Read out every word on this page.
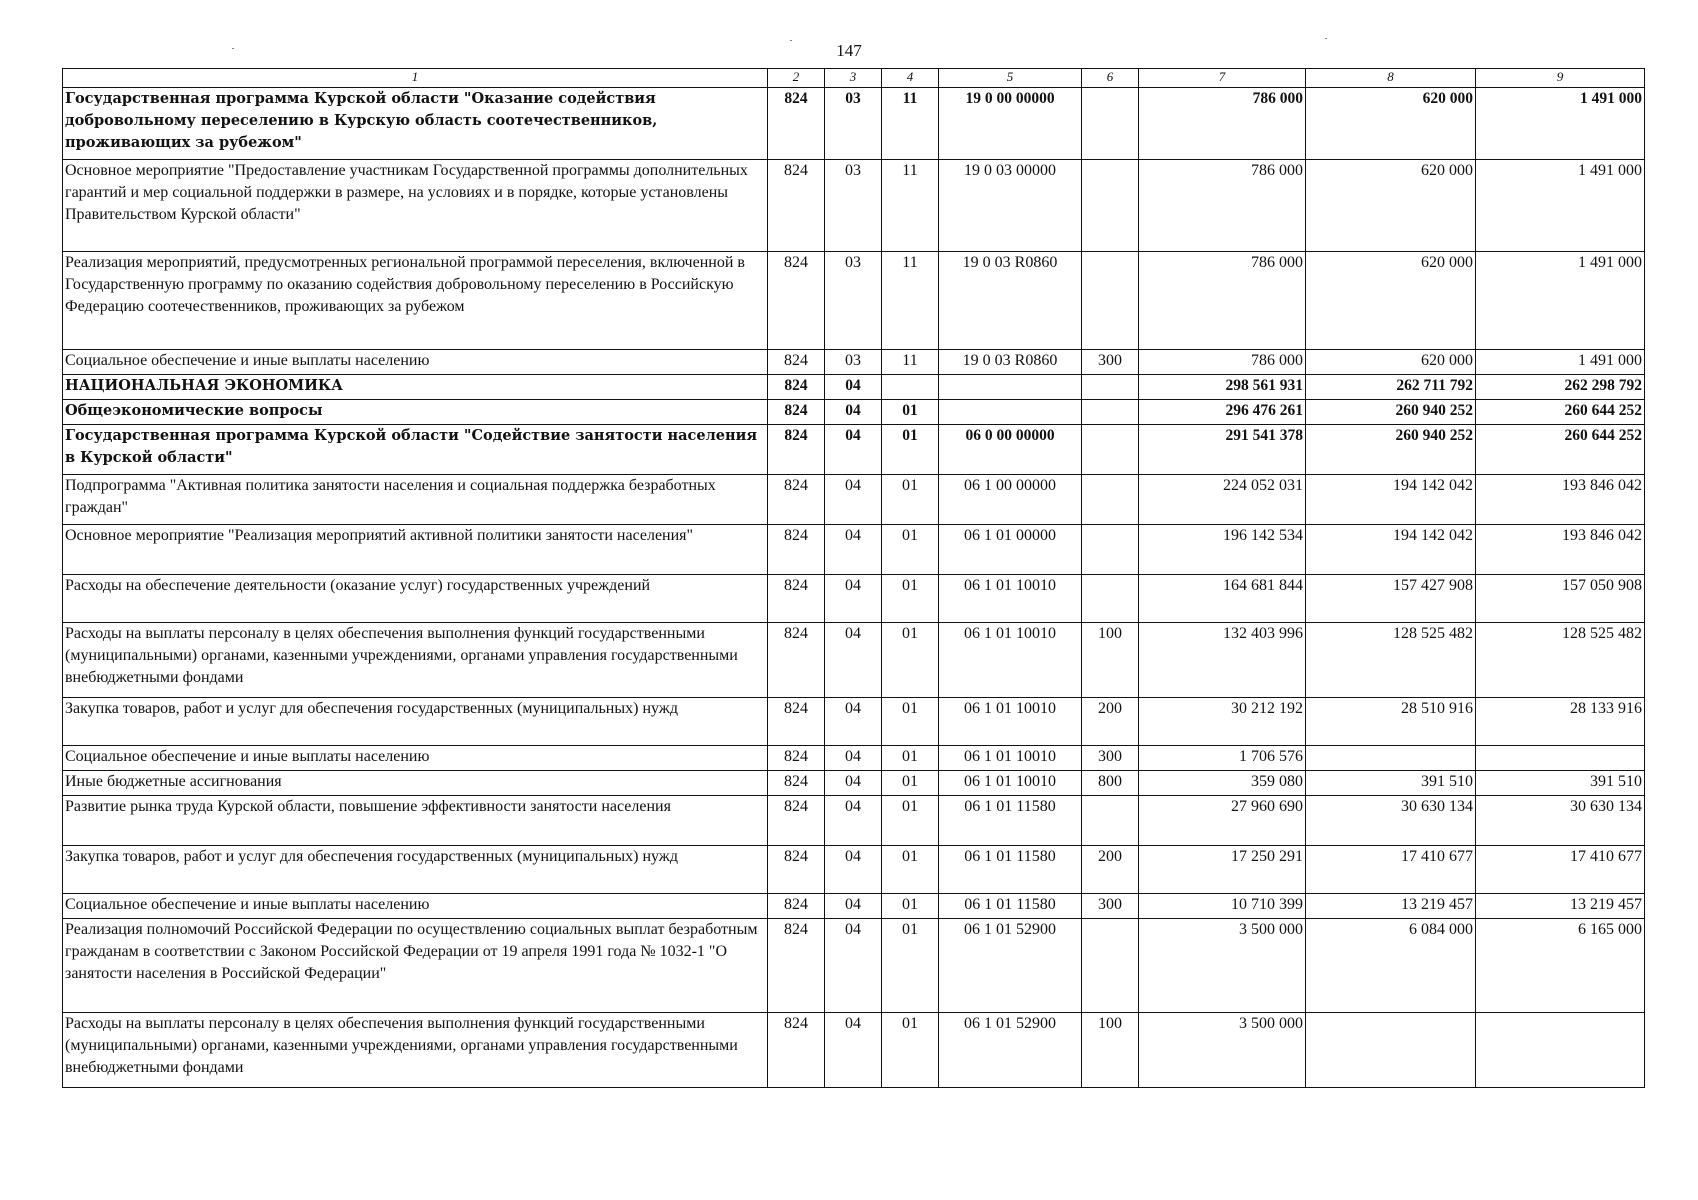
147
1	2	3	4	5	6	7	8	9
Государственная программа Курской области "Оказание содействия добровольному переселению в Курскую область соотечественников, проживающих за рубежом"	824	03	11	19 0 00 00000		786 000	620 000	1 491 000
Основное мероприятие "Предоставление участникам Государственной программы дополнительных гарантий и мер социальной поддержки в размере, на условиях и в порядке, которые установлены Правительством Курской области"	824	03	11	19 0 03 00000		786 000	620 000	1 491 000
Реализация мероприятий, предусмотренных региональной программой переселения, включенной в Государственную программу по оказанию содействия добровольному переселению в Российскую Федерацию соотечественников, проживающих за рубежом	824	03	11	19 0 03 R0860		786 000	620 000	1 491 000
Социальное обеспечение и иные выплаты населению	824	03	11	19 0 03 R0860	300	786 000	620 000	1 491 000
НАЦИОНАЛЬНАЯ ЭКОНОМИКА	824	04				298 561 931	262 711 792	262 298 792
Общеэкономические вопросы	824	04	01			296 476 261	260 940 252	260 644 252
Государственная программа Курской области "Содействие занятости населения в Курской области"	824	04	01	06 0 00 00000		291 541 378	260 940 252	260 644 252
Подпрограмма "Активная политика занятости населения и социальная поддержка безработных граждан"	824	04	01	06 1 00 00000		224 052 031	194 142 042	193 846 042
Основное мероприятие "Реализация мероприятий активной политики занятости населения"	824	04	01	06 1 01 00000		196 142 534	194 142 042	193 846 042
Расходы на обеспечение деятельности (оказание услуг) государственных учреждений	824	04	01	06 1 01 10010		164 681 844	157 427 908	157 050 908
Расходы на выплаты персоналу в целях обеспечения выполнения функций государственными (муниципальными) органами, казенными учреждениями, органами управления государственными внебюджетными фондами	824	04	01	06 1 01 10010	100	132 403 996	128 525 482	128 525 482
Закупка товаров, работ и услуг для обеспечения государственных (муниципальных) нужд	824	04	01	06 1 01 10010	200	30 212 192	28 510 916	28 133 916
Социальное обеспечение и иные выплаты населению	824	04	01	06 1 01 10010	300	1 706 576		
Иные бюджетные ассигнования	824	04	01	06 1 01 10010	800	359 080	391 510	391 510
Развитие рынка труда Курской области, повышение эффективности занятости населения	824	04	01	06 1 01 11580		27 960 690	30 630 134	30 630 134
Закупка товаров, работ и услуг для обеспечения государственных (муниципальных) нужд	824	04	01	06 1 01 11580	200	17 250 291	17 410 677	17 410 677
Социальное обеспечение и иные выплаты населению	824	04	01	06 1 01 11580	300	10 710 399	13 219 457	13 219 457
Реализация полномочий Российской Федерации по осуществлению социальных выплат безработным гражданам в соответствии с Законом Российской Федерации от 19 апреля 1991 года № 1032-1 "О занятости населения в Российской Федерации"	824	04	01	06 1 01 52900		3 500 000	6 084 000	6 165 000
Расходы на выплаты персоналу в целях обеспечения выполнения функций государственными (муниципальными) органами, казенными учреждениями, органами управления государственными внебюджетными фондами	824	04	01	06 1 01 52900	100	3 500 000		
